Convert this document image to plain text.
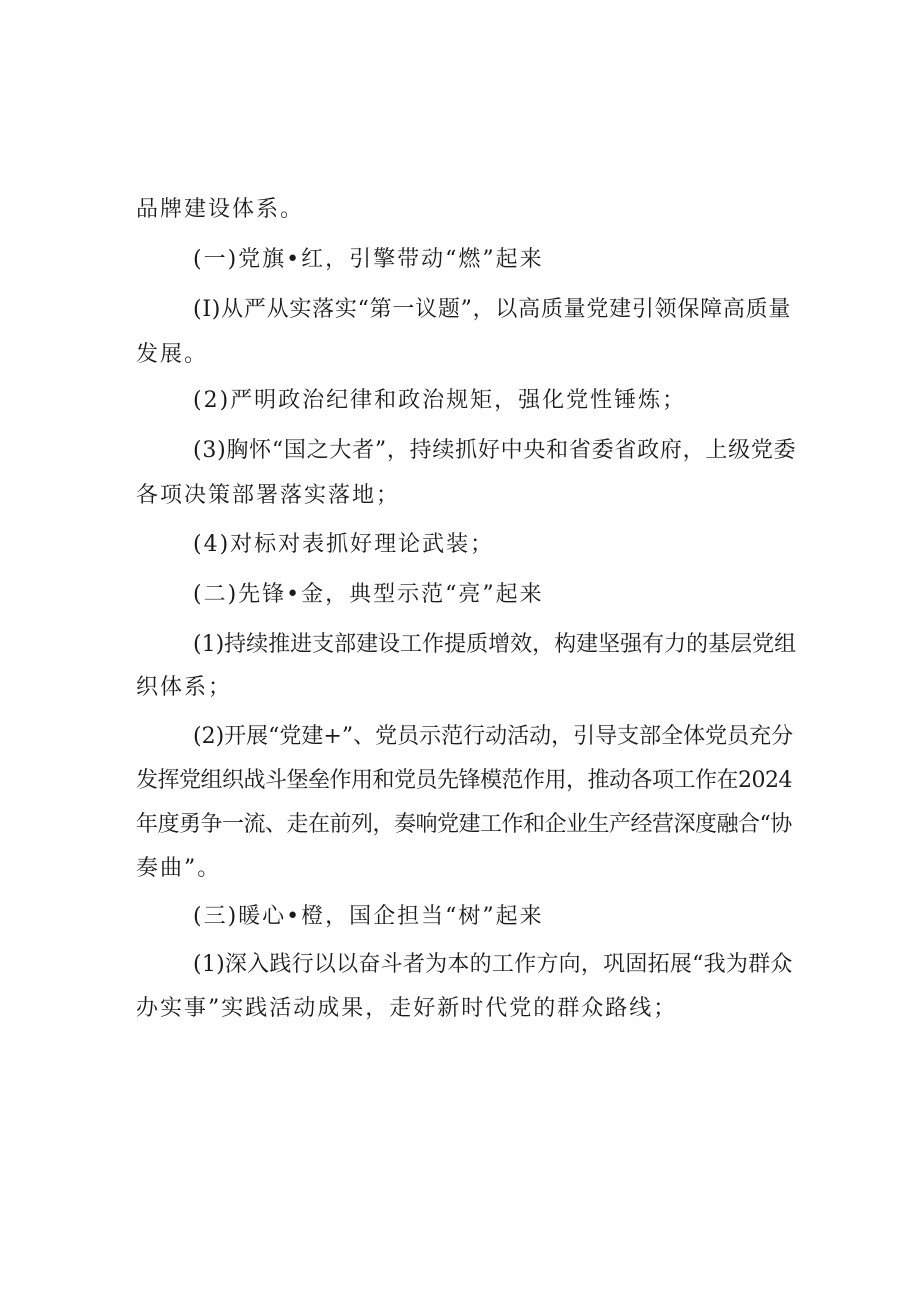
品牌建设体系。
(一)党旗•红，引擎带动“燃”起来
(I)从严从实落实“第一议题”，以高质量党建引领保障高质量
发展。
(2)严明政治纪律和政治规矩，强化党性锤炼；
(3)胸怀“国之大者”，持续抓好中央和省委省政府，上级党委
各项决策部署落实落地；
(4)对标对表抓好理论武装；
(二)先锋•金，典型示范“亮”起来
(1)持续推进支部建设工作提质增效，构建坚强有力的基层党组
织体系；
(2)开展“党建+”、党员示范行动活动，引导支部全体党员充分
发挥党组织战斗堡垒作用和党员先锋模范作用，推动各项工作在2024
年度勇争一流、走在前列，奏响党建工作和企业生产经营深度融合“协
奏曲”。
(三)暖心•橙，国企担当“树”起来
(1)深入践行以以奋斗者为本的工作方向，巩固拓展“我为群众
办实事”实践活动成果，走好新时代党的群众路线；
